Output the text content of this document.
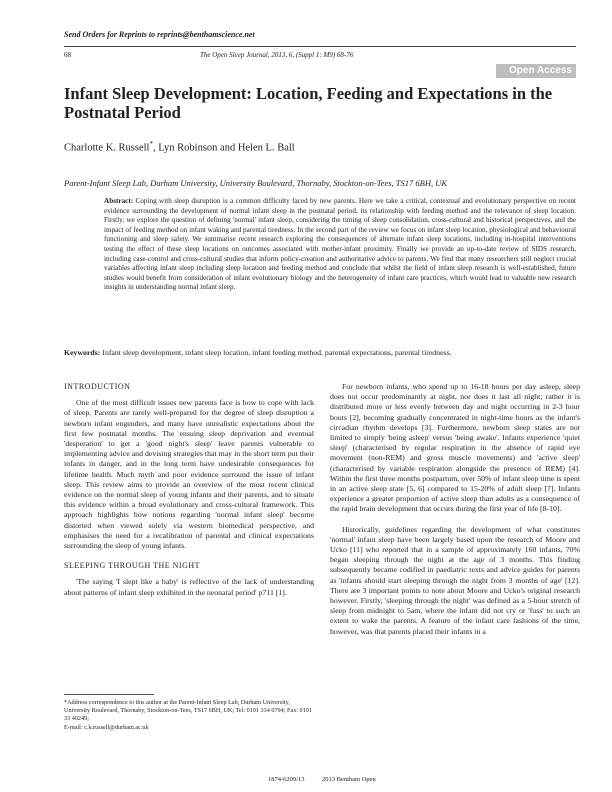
Send Orders for Reprints to reprints@benthamscience.net
68	The Open Sleep Journal, 2013, 6, (Suppl 1: M9) 68-76
Open Access
Infant Sleep Development: Location, Feeding and Expectations in the Postnatal Period
Charlotte K. Russell*, Lyn Robinson and Helen L. Ball
Parent-Infant Sleep Lab, Durham University, University Boulevard, Thornaby, Stockton-on-Tees, TS17 6BH, UK

Abstract: Coping with sleep disruption is a common difficulty faced by new parents. Here we take a critical, contextual and evolutionary perspective on recent evidence surrounding the development of normal infant sleep in the postnatal period, its relationship with feeding method and the relevance of sleep location. Firstly, we explore the question of defining 'normal' infant sleep, considering the timing of sleep consolidation, cross-cultural and historical perspectives, and the impact of feeding method on infant waking and parental tiredness. In the second part of the review we focus on infant sleep location, physiological and behavioural functioning and sleep safety. We summarise recent research exploring the consequences of alternate infant sleep locations, including in-hospital interventions testing the effect of these sleep locations on outcomes associated with mother-infant proximity. Finally we provide an up-to-date review of SIDS research, including case-control and cross-cultural studies that inform policy-creation and authoritative advice to parents. We find that many researchers still neglect crucial variables affecting infant sleep including sleep location and feeding method and conclude that whilst the field of infant sleep research is well-established, future studies would benefit from consideration of infant evolutionary biology and the heterogeneity of infant care practices, which would lead to valuable new research insights in understanding normal infant sleep.

Keywords: Infant sleep development, infant sleep location, infant feeding method, parental expectations, parental tiredness.
INTRODUCTION

One of the most difficult issues new parents face is how to cope with lack of sleep. Parents are rarely well-prepared for the degree of sleep disruption a newborn infant engenders, and many have unrealistic expectations about the first few postnatal months. The ensuing sleep deprivation and eventual 'desperation' to get a 'good night's sleep' leave parents vulnerable to implementing advice and devising strategies that may in the short term put their infants in danger, and in the long term have undesirable consequences for lifetime health. Much myth and poor evidence surround the issue of infant sleep. This review aims to provide an overview of the most recent clinical evidence on the normal sleep of young infants and their parents, and to situate this evidence within a broad evolutionary and cross-cultural framework. This approach highlights how notions regarding 'normal infant sleep' become distorted when viewed solely via western biomedical perspective, and emphasises the need for a recalibration of parental and clinical expectations surrounding the sleep of young infants.

SLEEPING THROUGH THE NIGHT

'The saying 'I slept like a baby' is reflective of the lack of understanding about patterns of infant sleep exhibited in the neonatal period' p711 [1].

*Address correspondence to this author at the Parent-Infant Sleep Lab, Durham University, University Boulevard, Thornaby, Stockton-on-Tees, TS17 6BH, UK; Tel: 0191 334 0794; Fax: 0191 33 40249;
E-mail: c.k.russell@durham.ac.uk

For newborn infants, who spend up to 16-18 hours per day asleep, sleep does not occur predominantly at night, nor does it last all night; rather it is distributed more or less evenly between day and night occurring in 2-3 hour bouts [2], becoming gradually concentrated in night-time hours as the infant's circadian rhythm develops [3]. Furthermore, newborn sleep states are not limited to simply 'being asleep' versus 'being awake'. Infants experience 'quiet sleep' (characterised by regular respiration in the absence of rapid eye movement (non-REM) and gross muscle movements) and 'active sleep' (characterised by variable respiration alongside the presence of REM) [4]. Within the first three months postpartum, over 50% of infant sleep time is spent in an active sleep state [5, 6] compared to 15-20% of adult sleep [7]. Infants experience a greater proportion of active sleep than adults as a consequence of the rapid brain development that occurs during the first year of life [8-10].

Historically, guidelines regarding the development of what constitutes 'normal' infant sleep have been largely based upon the research of Moore and Ucko [11] who reported that in a sample of approximately 160 infants, 70% began sleeping through the night at the age of 3 months. This finding subsequently became codified in paediatric texts and advice guides for parents as 'infants should start sleeping through the night from 3 months of age' [12]. There are 3 important points to note about Moore and Ucko's original research however. Firstly, 'sleeping through the night' was defined as a 5-hour stretch of sleep from midnight to 5am, where the infant did not cry or 'fuss' to such an extent to wake the parents. A feature of the infant care fashions of the time, however, was that parents placed their infants in a

1874-6209/13	2013 Bentham Open
